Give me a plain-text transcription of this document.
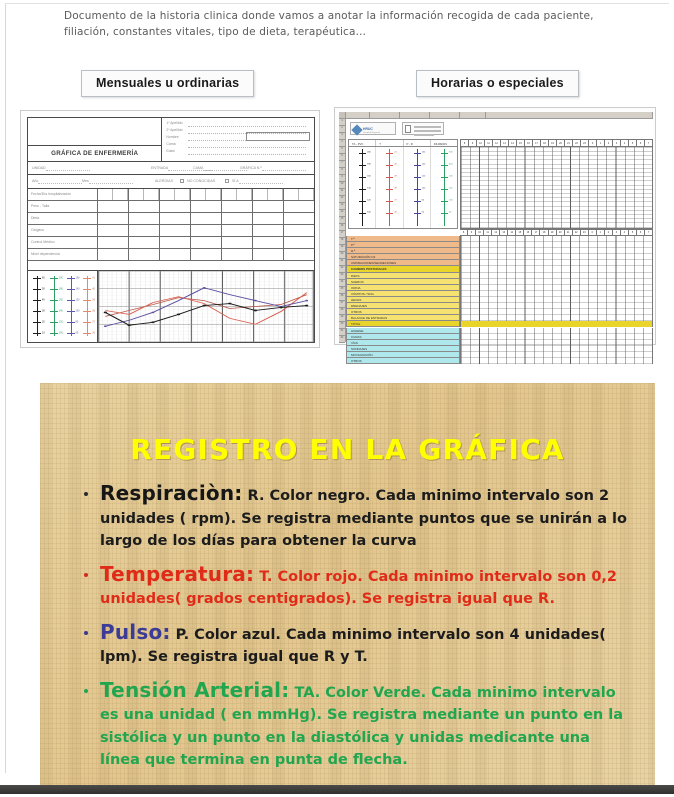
Documento de la historia clinica donde vamos a anotar la información recogida de cada paciente, filiación, constantes vitales, tipo de dieta, terapéutica…
Mensuales u ordinarias	Horarias o especiales
GRÁFICA DE ENFERMERÍA
1º Apellido:
2º Apellido:
Nombre:
Cama:
Edad:
UNIDAD	ENTRADA	CAMA	GRÁFICA N.º
Año	Mes	ALERGIAS	NO CONOCIDAS	SÍ A
Fecha/Día hospitalización
Peso - Talla
Dieta
Oxígeno
Control Médico
Nivel dependencia
60
50
40
30
20
10
200
180
160
140
120
100
160
140
120
100
80
60
41
40
39
38
37
36
1
2
3
4
5
6
7
8
9
10
11
12
13
14
15
16
17
18
19
20
21
22
23
24
25
26
27
28
29
30
31
32
HRUC
Hospital Regional
TA - PVC	T	P - R	DIURESIS
200
180
160
140
120
100
41
40
39
38
37
36
160
140
120
100
80
60
300
250
200
150
100
50
8	9	10	11	12	13	14	15	16	17	18	19	20	21	22	23	0	1	2	3	4	5	6	7
8	9	10	11	12	13	14	15	16	17	18	19	20	21	22	23	0	1	2	3	4	5	6	7
T.ª
P.ª
R.ª
SATURACIÓN O2
ASPIRACIONES/SECRECIONES
CAMBIOS POSTURALES
DIETA
SUEROS
ORINA
VÓMITOS / SNG
HECES
DRENAJES
OTROS
BALANCE DE ENTRADAS
TOTAL
HIGIENE
CURAS
VÍAS
SONDAJES
MOVILIZACIÓN
OTROS
REGISTRO EN LA GRÁFICA

Respiraciòn: R. Color negro. Cada minimo intervalo son 2 unidades ( rpm). Se registra mediante puntos que se unirán a lo largo de los días para obtener la curva

Temperatura: T. Color rojo. Cada minimo intervalo son 0,2 unidades( grados centigrados). Se registra igual que R.

Pulso: P. Color azul. Cada minimo intervalo son 4 unidades( lpm). Se registra igual que R y T.

Tensión Arterial: TA. Color Verde. Cada minimo intervalo es una unidad ( en mmHg). Se registra mediante un punto en la sistólica y un punto en la diastólica y unidas medicante una línea que termina en punta de flecha.
